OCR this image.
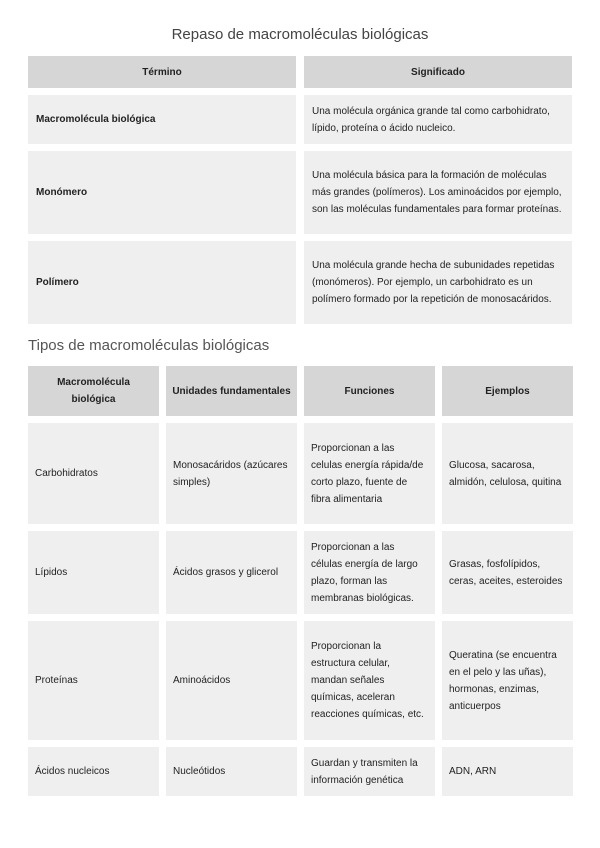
Repaso de macromoléculas biológicas
Término		Significado

Macromolécula biológica		Una molécula orgánica grande tal como carbohidrato, lípido, proteína o ácido nucleico.

Monómero		Una molécula básica para la formación de moléculas más grandes (polímeros). Los aminoácidos por ejemplo, son las moléculas fundamentales para formar proteínas.

Polímero		Una molécula grande hecha de subunidades repetidas (monómeros). Por ejemplo, un carbohidrato es un polímero formado por la repetición de monosacáridos.
Tipos de macromoléculas biológicas
Macromolécula biológica		Unidades fundamentales		Funciones		Ejemplos

Carbohidratos		Monosacáridos (azúcares simples)		Proporcionan a las celulas energía rápida/de corto plazo, fuente de fibra alimentaria		Glucosa, sacarosa, almidón, celulosa, quitina

Lípidos		Ácidos grasos y glicerol		Proporcionan a las células energía de largo plazo, forman las membranas biológicas.		Grasas, fosfolípidos, ceras, aceites, esteroides

Proteínas		Aminoácidos		Proporcionan la estructura celular, mandan señales químicas, aceleran reacciones químicas, etc.		Queratina (se encuentra en el pelo y las uñas), hormonas, enzimas, anticuerpos

Ácidos nucleicos		Nucleótidos		Guardan y transmiten la información genética		ADN, ARN
